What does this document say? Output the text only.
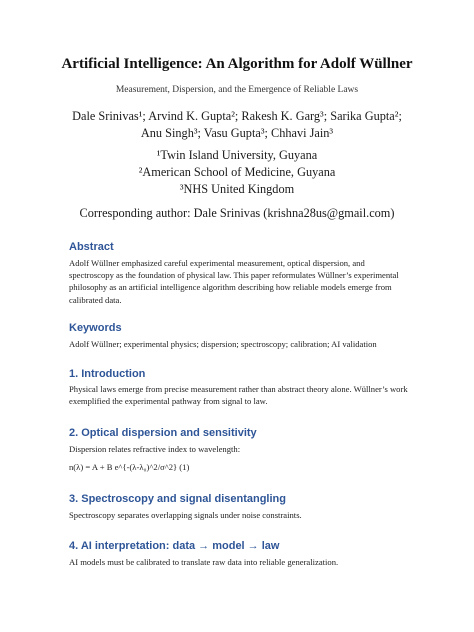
Artificial Intelligence: An Algorithm for Adolf Wüllner
Measurement, Dispersion, and the Emergence of Reliable Laws
Dale Srinivas¹; Arvind K. Gupta²; Rakesh K. Garg³; Sarika Gupta²;
Anu Singh³; Vasu Gupta³; Chhavi Jain³
¹Twin Island University, Guyana
²American School of Medicine, Guyana
³NHS United Kingdom
Corresponding author: Dale Srinivas (krishna28us@gmail.com)
Abstract
Adolf Wüllner emphasized careful experimental measurement, optical dispersion, and spectroscopy as the foundation of physical law. This paper reformulates Wüllner’s experimental philosophy as an artificial intelligence algorithm describing how reliable models emerge from calibrated data.
Keywords
Adolf Wüllner; experimental physics; dispersion; spectroscopy; calibration; AI validation
1. Introduction
Physical laws emerge from precise measurement rather than abstract theory alone. Wüllner’s work exemplified the experimental pathway from signal to law.
2. Optical dispersion and sensitivity
Dispersion relates refractive index to wavelength:
n(λ) = A + B e^{-(λ-λ₀)^2/σ^2} (1)
3. Spectroscopy and signal disentangling
Spectroscopy separates overlapping signals under noise constraints.
4. AI interpretation: data → model → law
AI models must be calibrated to translate raw data into reliable generalization.
